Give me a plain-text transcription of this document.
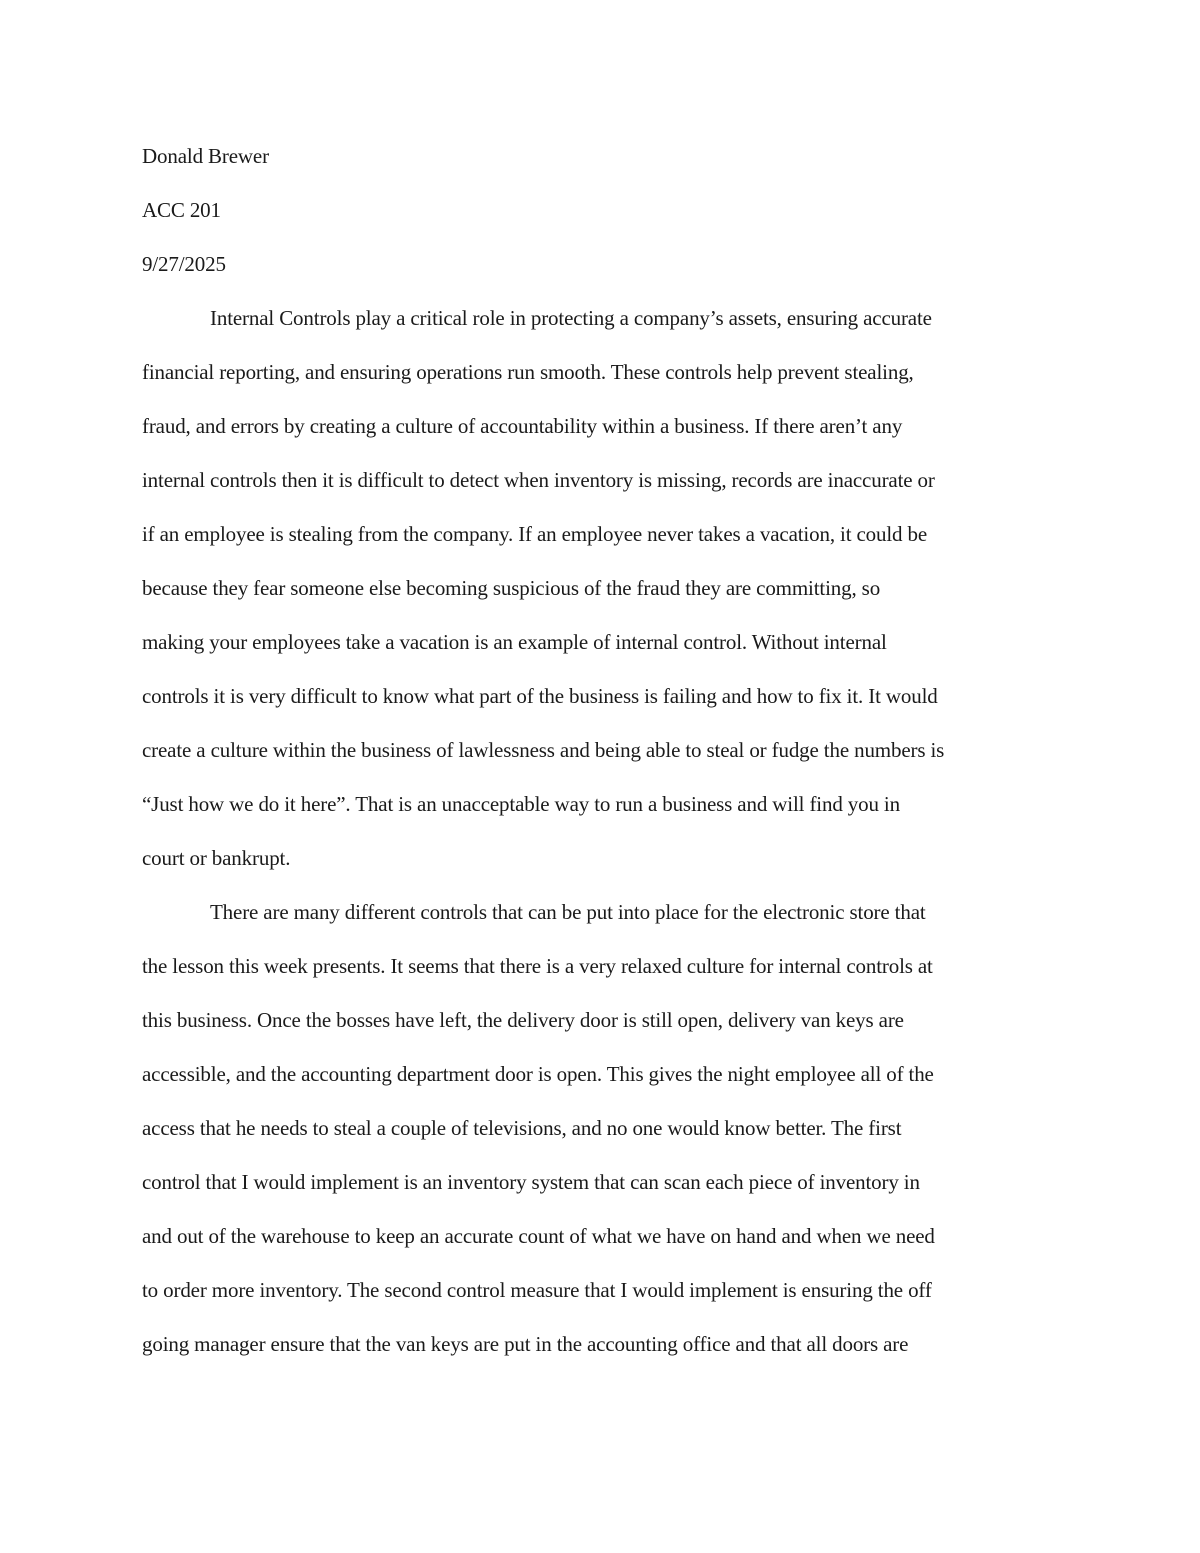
Donald Brewer
ACC 201
9/27/2025
Internal Controls play a critical role in protecting a company’s assets, ensuring accurate
financial reporting, and ensuring operations run smooth. These controls help prevent stealing,
fraud, and errors by creating a culture of accountability within a business. If there aren’t any
internal controls then it is difficult to detect when inventory is missing, records are inaccurate or
if an employee is stealing from the company. If an employee never takes a vacation, it could be
because they fear someone else becoming suspicious of the fraud they are committing, so
making your employees take a vacation is an example of internal control. Without internal
controls it is very difficult to know what part of the business is failing and how to fix it. It would
create a culture within the business of lawlessness and being able to steal or fudge the numbers is
“Just how we do it here”. That is an unacceptable way to run a business and will find you in
court or bankrupt.
There are many different controls that can be put into place for the electronic store that
the lesson this week presents. It seems that there is a very relaxed culture for internal controls at
this business. Once the bosses have left, the delivery door is still open, delivery van keys are
accessible, and the accounting department door is open. This gives the night employee all of the
access that he needs to steal a couple of televisions, and no one would know better. The first
control that I would implement is an inventory system that can scan each piece of inventory in
and out of the warehouse to keep an accurate count of what we have on hand and when we need
to order more inventory. The second control measure that I would implement is ensuring the off
going manager ensure that the van keys are put in the accounting office and that all doors are
